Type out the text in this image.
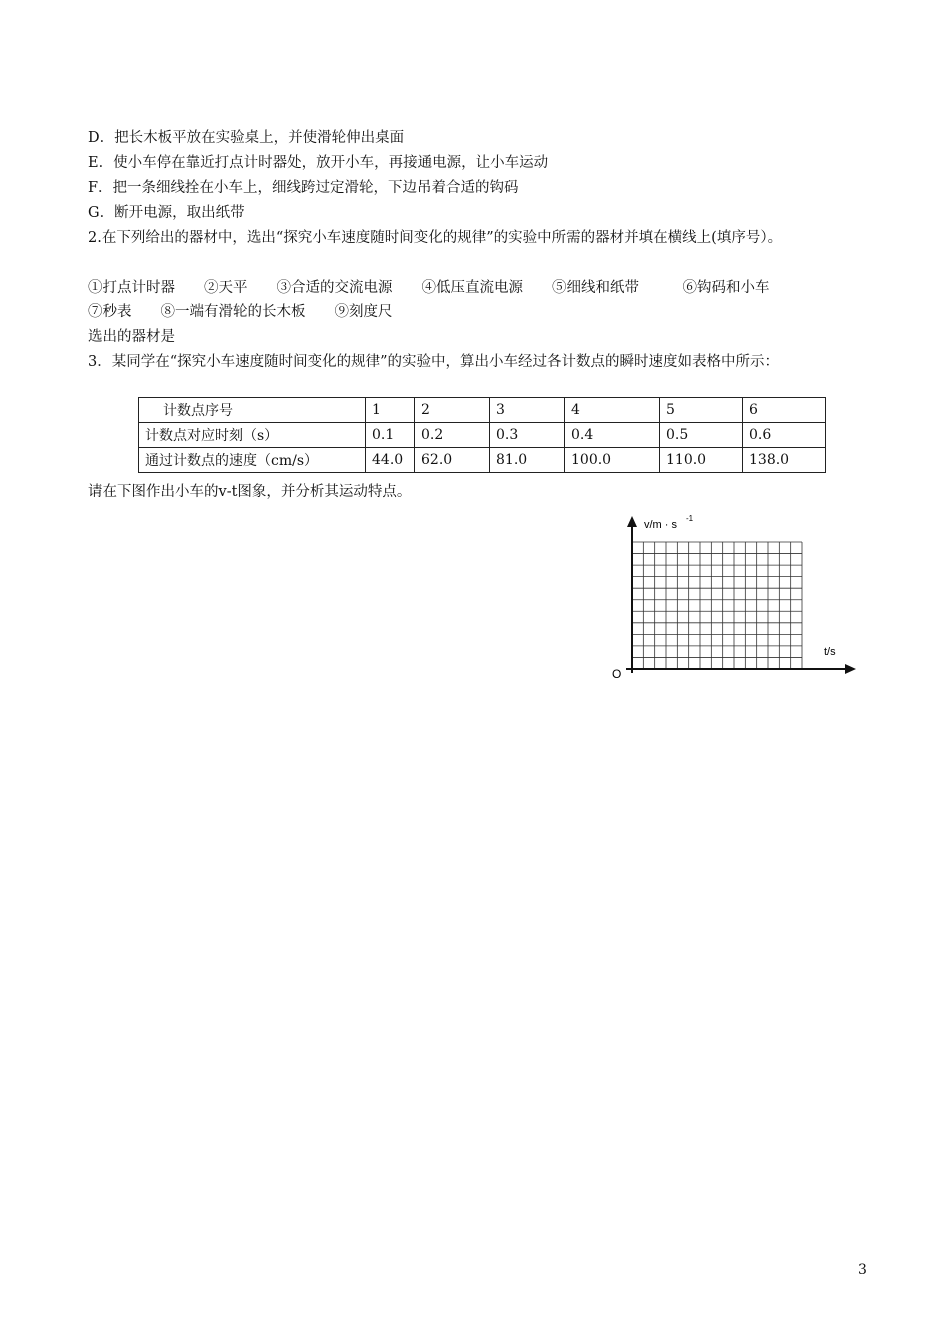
D．把长木板平放在实验桌上，并使滑轮伸出桌面
E．使小车停在靠近打点计时器处，放开小车，再接通电源，让小车运动
F．把一条细线拴在小车上，细线跨过定滑轮，下边吊着合适的钩码
G．断开电源，取出纸带
2.在下列给出的器材中，选出“探究小车速度随时间变化的规律”的实验中所需的器材并填在横线上(填序号）。
①打点计时器　　②天平　　③合适的交流电源　　④低压直流电源　　⑤细线和纸带　　　⑥钩码和小车
⑦秒表　　⑧一端有滑轮的长木板　　⑨刻度尺
选出的器材是
3．某同学在“探究小车速度随时间变化的规律”的实验中，算出小车经过各计数点的瞬时速度如表格中所示：
计数点序号	1	2	3	4	5	6
计数点对应时刻（s）	0.1	0.2	0.3	0.4	0.5	0.6
通过计数点的速度（cm/s）	44.0	62.0	81.0	100.0	110.0	138.0
请在下图作出小车的v-t图象，并分析其运动特点。
v/m · s
-1
t/s
O
3
